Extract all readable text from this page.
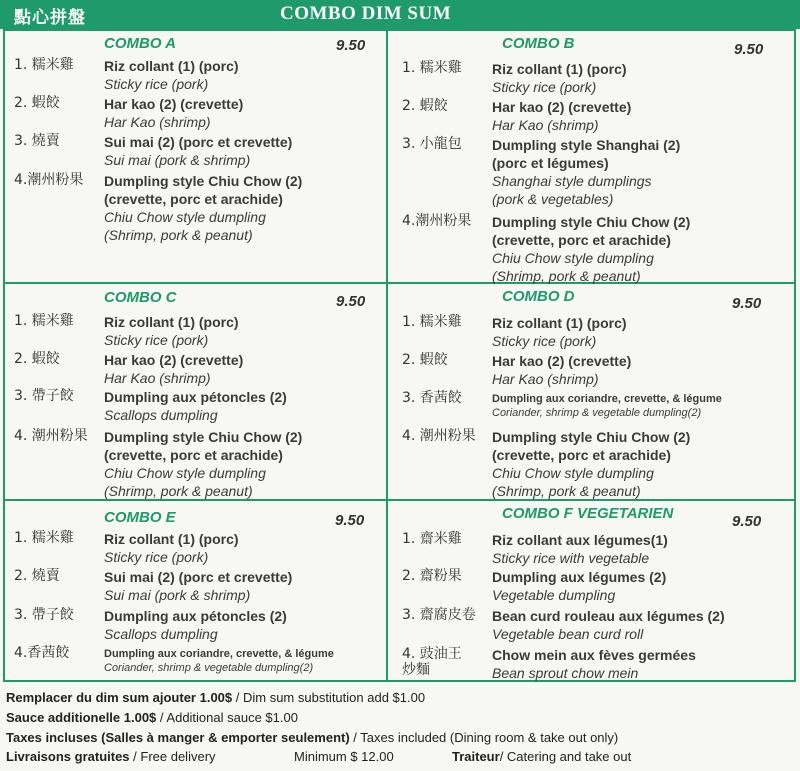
點心拼盤	COMBO DIM SUM
COMBO A	9.50
1. 糯米雞 Riz collant (1) (porc)
Sticky rice (pork)
2. 蝦餃	Har kao (2) (crevette)
Har Kao (shrimp)
3. 燒賣	Sui mai (2) (porc et crevette)
Sui mai (pork & shrimp)
4.潮州粉果 Dumpling style Chiu Chow (2)
(crevette, porc et arachide)
Chiu Chow style dumpling
(Shrimp, pork & peanut)
COMBO B	9.50
1. 糯米雞 Riz collant (1) (porc)
Sticky rice (pork)
2. 蝦餃	Har kao (2) (crevette)
Har Kao (shrimp)
3. 小龍包 Dumpling style Shanghai (2)
(porc et légumes)
Shanghai style dumplings
(pork & vegetables)
4.潮州粉果 Dumpling style Chiu Chow (2)
(crevette, porc et arachide)
Chiu Chow style dumpling
(Shrimp, pork & peanut)
COMBO C	9.50
1. 糯米雞 Riz collant (1) (porc)
Sticky rice (pork)
2. 蝦餃	Har kao (2) (crevette)
Har Kao (shrimp)
3. 帶子餃 Dumpling aux pétoncles (2)
Scallops dumpling
4. 潮州粉果 Dumpling style Chiu Chow (2)
(crevette, porc et arachide)
Chiu Chow style dumpling
(Shrimp, pork & peanut)
COMBO D	9.50
1. 糯米雞 Riz collant (1) (porc)
Sticky rice (pork)
2. 蝦餃	Har kao (2) (crevette)
Har Kao (shrimp)
3. 香茜餃	Dumpling aux coriandre, crevette, & légume
Coriander, shrimp & vegetable dumpling(2)
4. 潮州粉果 Dumpling style Chiu Chow (2)
(crevette, porc et arachide)
Chiu Chow style dumpling
(Shrimp, pork & peanut)
COMBO E	9.50
1. 糯米雞 Riz collant (1) (porc)
Sticky rice (pork)
2. 燒賣	Sui mai (2) (porc et crevette)
Sui mai (pork & shrimp)
3. 帶子餃 Dumpling aux pétoncles (2)
Scallops dumpling
4.香茜餃	Dumpling aux coriandre, crevette, & légume
Coriander, shrimp & vegetable dumpling(2)
COMBO F VEGETARIEN	9.50
1. 齋米雞 Riz collant aux légumes(1)
Sticky rice with vegetable
2. 齋粉果 Dumpling aux légumes (2)
Vegetable dumpling
3. 齋腐皮卷 Bean curd rouleau aux légumes (2)
Vegetable bean curd roll
4. 豉油王
炒麵
Chow mein aux fèves germées
Bean sprout chow mein
Remplacer du dim sum ajouter 1.00$ / Dim sum substitution add $1.00
Sauce additionelle 1.00$ / Additional sauce $1.00
Taxes incluses (Salles à manger & emporter seulement) / Taxes included (Dining room & take out only)
Livraisons gratuites / Free delivery	Minimum $ 12.00	Traiteur/ Catering and take out
